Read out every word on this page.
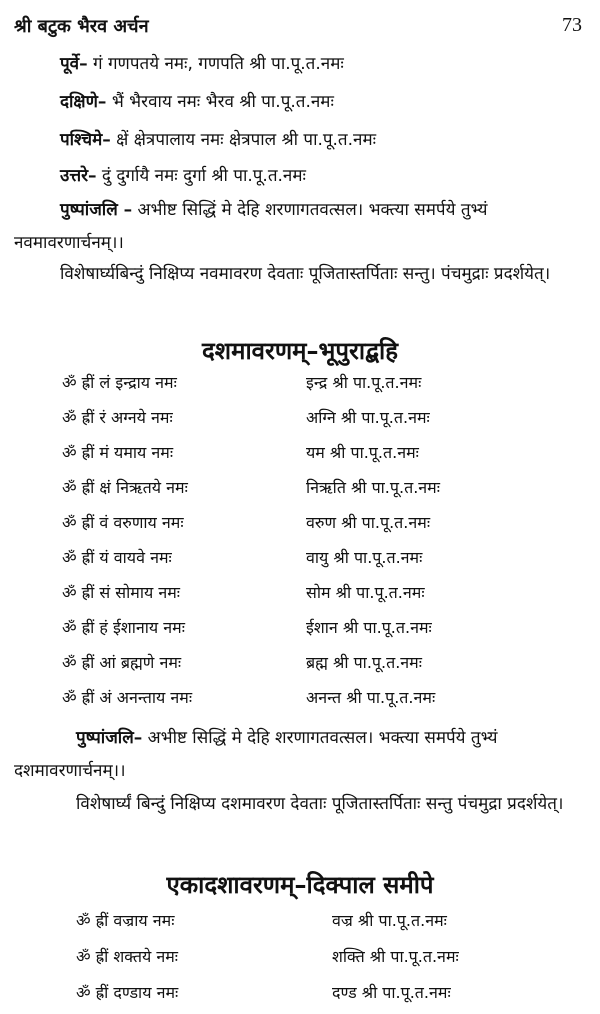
श्री बटुक भैरव अर्चन	73
पूर्वे– गं गणपतये नमः, गणपति श्री पा.पू.त.नमः
दक्षिणे– भैं भैरवाय नमः भैरव श्री पा.पू.त.नमः
पश्चिमे– क्षें क्षेत्रपालाय नमः क्षेत्रपाल श्री पा.पू.त.नमः
उत्तरे– दुं दुर्गायै नमः दुर्गा श्री पा.पू.त.नमः
पुष्पांजलि – अभीष्ट सिद्धिं मे देहि शरणागतवत्सल। भक्त्या समर्पये तुभ्यं नवमावरणार्चनम्।।
विशेषार्घ्यबिन्दुं निक्षिप्य नवमावरण देवताः पूजितास्तर्पिताः सन्तु। पंचमुद्राः प्रदर्शयेत्।
दशमावरणम्–भूपुराद्बहि
ॐ ह्रीं लं इन्द्राय नमः	इन्द्र श्री पा.पू.त.नमः
ॐ ह्रीं रं अग्नये नमः	अग्नि श्री पा.पू.त.नमः
ॐ ह्रीं मं यमाय नमः	यम श्री पा.पू.त.नमः
ॐ ह्रीं क्षं निऋतये नमः	निऋति श्री पा.पू.त.नमः
ॐ ह्रीं वं वरुणाय नमः	वरुण श्री पा.पू.त.नमः
ॐ ह्रीं यं वायवे नमः	वायु श्री पा.पू.त.नमः
ॐ ह्रीं सं सोमाय नमः	सोम श्री पा.पू.त.नमः
ॐ ह्रीं हं ईशानाय नमः	ईशान श्री पा.पू.त.नमः
ॐ ह्रीं आं ब्रह्मणे नमः	ब्रह्म श्री पा.पू.त.नमः
ॐ ह्रीं अं अनन्ताय नमः	अनन्त श्री पा.पू.त.नमः
पुष्पांजलि– अभीष्ट सिद्धिं मे देहि शरणागतवत्सल। भक्त्या समर्पये तुभ्यं दशमावरणार्चनम्।।
विशेषार्घ्यं बिन्दुं निक्षिप्य दशमावरण देवताः पूजितास्तर्पिताः सन्तु पंचमुद्रा प्रदर्शयेत्।
एकादशावरणम्–दिक्पाल समीपे
ॐ ह्रीं वज्राय नमः	वज्र श्री पा.पू.त.नमः
ॐ ह्रीं शक्तये नमः	शक्ति श्री पा.पू.त.नमः
ॐ ह्रीं दण्डाय नमः	दण्ड श्री पा.पू.त.नमः
